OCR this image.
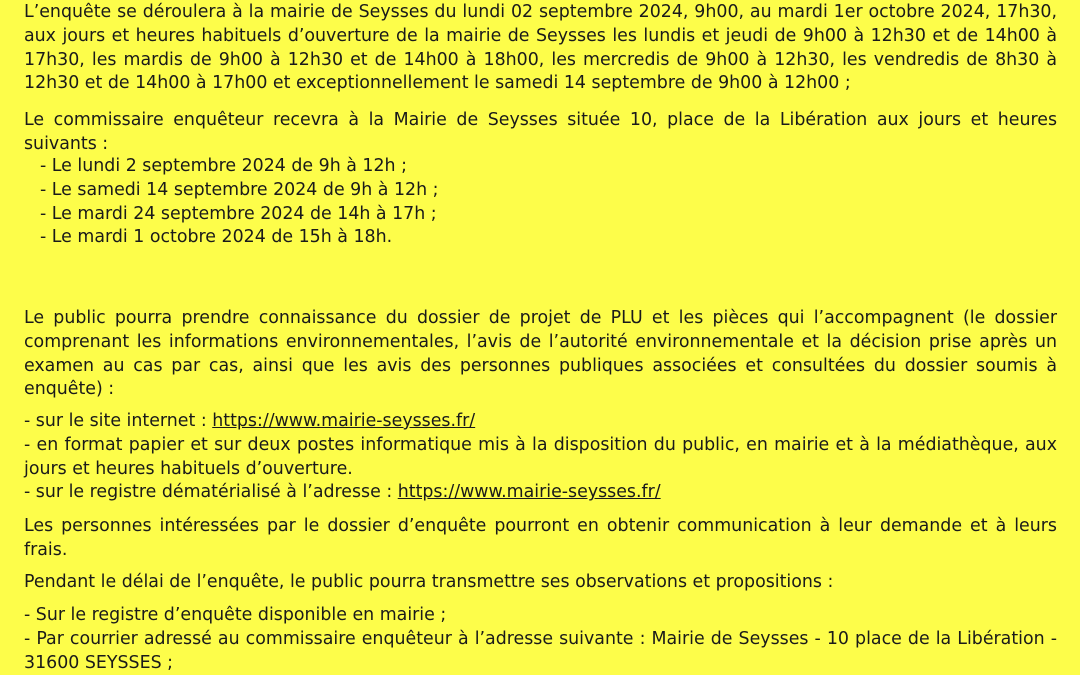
L’enquête se déroulera à la mairie de Seysses du lundi 02 septembre 2024, 9h00, au mardi 1er octobre 2024, 17h30, aux jours et heures habituels d’ouverture de la mairie de Seysses les lundis et jeudi de 9h00 à 12h30 et de 14h00 à 17h30, les mardis de 9h00 à 12h30 et de 14h00 à 18h00, les mercredis de 9h00 à 12h30, les vendredis de 8h30 à 12h30 et de 14h00 à 17h00 et exceptionnellement le samedi 14 septembre de 9h00 à 12h00 ;

Le commissaire enquêteur recevra à la Mairie de Seysses située 10, place de la Libération aux jours et heures suivants :

- Le lundi 2 septembre 2024 de 9h à 12h ;
- Le samedi 14 septembre 2024 de 9h à 12h ;
- Le mardi 24 septembre 2024 de 14h à 17h ;
- Le mardi 1 octobre 2024 de 15h à 18h.

Le public pourra prendre connaissance du dossier de projet de PLU et les pièces qui l’accompagnent (le dossier comprenant les informations environnementales, l’avis de l’autorité environnementale et la décision prise après un examen au cas par cas, ainsi que les avis des personnes publiques associées et consultées du dossier soumis à enquête) :

- sur le site internet : https://www.mairie-seysses.fr/

- en format papier et sur deux postes informatique mis à la disposition du public, en mairie et à la médiathèque, aux jours et heures habituels d’ouverture.

- sur le registre dématérialisé à l’adresse : https://www.mairie-seysses.fr/

Les personnes intéressées par le dossier d’enquête pourront en obtenir communication à leur demande et à leurs frais.

Pendant le délai de l’enquête, le public pourra transmettre ses observations et propositions :

- Sur le registre d’enquête disponible en mairie ;

- Par courrier adressé au commissaire enquêteur à l’adresse suivante : Mairie de Seysses - 10 place de la Libération - 31600 SEYSSES ;
